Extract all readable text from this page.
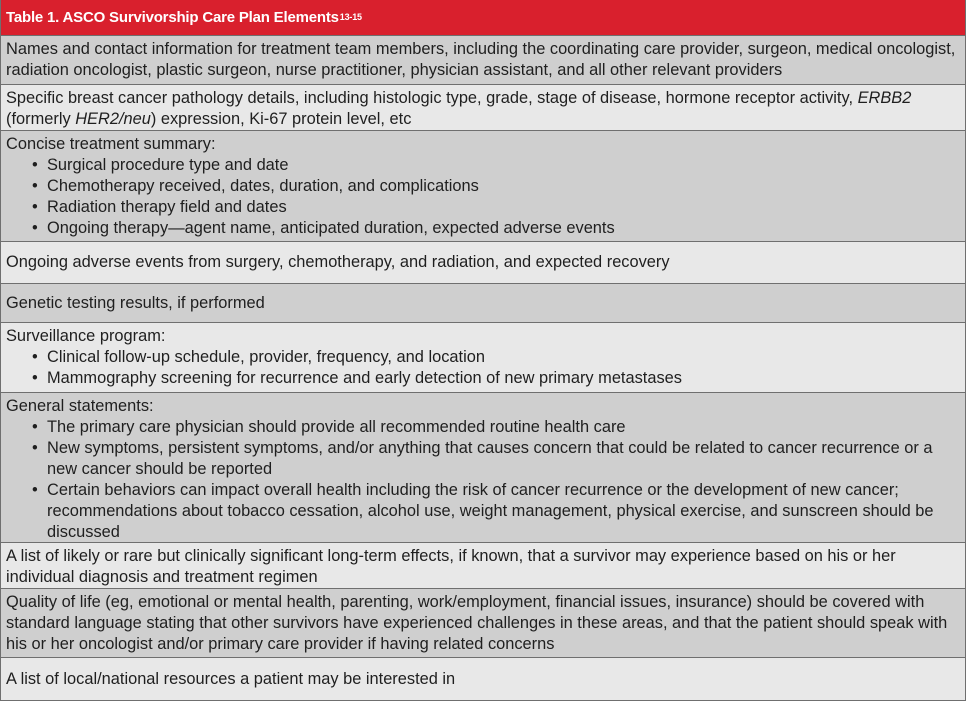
Table 1. ASCO Survivorship Care Plan Elements$^{13-15}$

Names and contact information for treatment team members, including the coordinating care provider, surgeon, medical oncologist, radiation oncologist, plastic surgeon, nurse practitioner, physician assistant, and all other relevant providers

Specific breast cancer pathology details, including histologic type, grade, stage of disease, hormone receptor activity, ERBB2 (formerly HER2/neu) expression, Ki-67 protein level, etc

Concise treatment summary:

• Surgical procedure type and date
• Chemotherapy received, dates, duration, and complications
• Radiation therapy field and dates
• Ongoing therapy—agent name, anticipated duration, expected adverse events

Ongoing adverse events from surgery, chemotherapy, and radiation, and expected recovery

Genetic testing results, if performed

Surveillance program:

• Clinical follow-up schedule, provider, frequency, and location
• Mammography screening for recurrence and early detection of new primary metastases

General statements:

• The primary care physician should provide all recommended routine health care
• New symptoms, persistent symptoms, and/or anything that causes concern that could be related to cancer recurrence or a new cancer should be reported
• Certain behaviors can impact overall health including the risk of cancer recurrence or the development of new cancer; recommendations about tobacco cessation, alcohol use, weight management, physical exercise, and sunscreen should be discussed

A list of likely or rare but clinically significant long-term effects, if known, that a survivor may experience based on his or her individual diagnosis and treatment regimen

Quality of life (eg, emotional or mental health, parenting, work/employment, financial issues, insurance) should be covered with standard language stating that other survivors have experienced challenges in these areas, and that the patient should speak with his or her oncologist and/or primary care provider if having related concerns

A list of local/national resources a patient may be interested in
